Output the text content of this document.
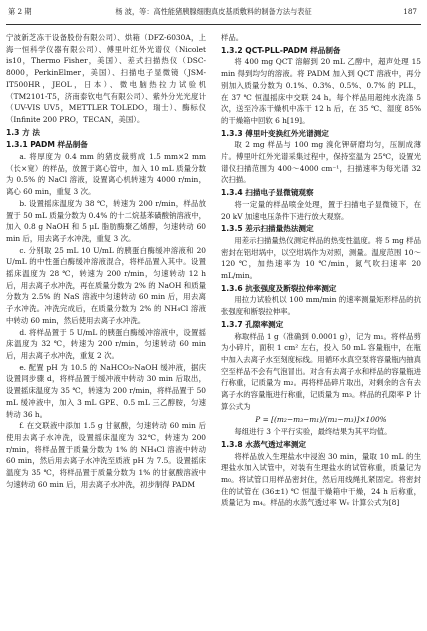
第 2 期	杨 波，等：高性能猪胰腺细胞真皮基质敷料的制备方法与表征	187

宁波新芝冻干设备股份有限公司）、烘箱（DFZ-6030A，上海一恒科学仪器有限公司）、傅里叶红外光谱仪（Nicolet is10，Thermo Fisher，美国）、差式扫描热仪（DSC-8000，PerkinElmer，美国）、扫描电子显微镜（JSM-IT500HR，JEOL，日本）、微电脑热拉力试验机（TM2101-T5，济南泰钦电气有限公司）、紫外分光光度计（UV-VIS UV5，METTLER TOLEDO，瑞士）、酶标仪（Infinite 200 PRO，TECAN，美国）。

1.3 方 法
1.3.1 PADM 样品制备

a. 将厚度为 0.4 mm 的猪皮裁剪成 1.5 mm×2 mm（长×宽）的样品，放置于离心管中，加入 10 mL 质量分数为 0.5% 的 NaCl 溶液，设置离心机转速为 4000 r/min，离心 60 min，重复 3 次。

b. 设置摇床温度为 38 ℃，转速为 200 r/min，样品放置于 50 mL 质量分数为 0.4% 的十二烷基苯磺酸钠溶液中，加入 0.8 g NaOH 和 5 μL 脂肪酶聚乙烯醇，匀速转动 60 min 后，用去离子水冲洗，重复 3 次。

c. 分别取 25 mL 10 U/mL 的胰蛋白酶缓冲溶液和 20 U/mL 的中性蛋白酶缓冲溶液混合，将样品置入其中。设置摇床温度为 28 ℃，转速为 200 r/min，匀速转动 12 h 后，用去离子水冲洗，再在质量分数为 2% 的 NaOH 和质量分数为 2.5% 的 NaS 溶液中匀速转动 60 min 后，用去离子水冲洗。冲洗完成后，在质量分数为 2% 的 NH₄Cl 溶液中转动 60 min，然后使用去离子水冲洗。

d. 将样品置于 5 U/mL 的胰蛋白酶缓冲溶液中，设置摇床温度为 32 ℃，转速为 200 r/min，匀速转动 60 min 后，用去离子水冲洗，重复 2 次。

e. 配置 pH 为 10.5 的 NaHCO₃-NaOH 缓冲液，据庆设置同步骤 d，将样品置于缓冲液中转动 30 min 后取出，设置摇床温度为 35 ℃，转速为 200 r/min，将样品置于 50 mL 缓冲液中，加入 3 mL GPE、0.5 mL 三乙醇胺，匀速转动 36 h。

f. 在交联液中添加 1.5 g 甘氨酸，匀速转动 60 min 后使用去离子水冲洗，设置摇床温度为 32℃，转速为 200 r/min，将样品置于质量分数为 1% 的 NH₄Cl 溶液中转动 60 min，然后用去离子水冲洗至质液 pH 为 7.5。设置摇床温度为 35 ℃，将样品置于质量分数为 1% 的甘氨酸溶液中匀速转动 60 min 后，用去离子水冲洗，初步制得 PADM

样品。

1.3.2 QCT-PLL-PADM 样品制备

将 400 mg QCT 溶解到 20 mL 乙醇中，超声处理 15 min 得到均匀的溶液。将 PADM 加入到 QCT 溶液中，再分别加入质量分数为 0.1%、0.3%、0.5%、0.7% 的 PLL，在 37 ℃ 恒温摇床中交联 24 h。每个样品用超纯水洗涤 5 次，送至冷冻干燥机中冻干 12 h 后，在 35 ℃、湿度 85% 的干燥箱中回软 6 h[19]。

1.3.3 傅里叶变换红外光谱测定

取 2 mg 样品与 100 mg 溴化钾研磨均匀，压制成薄片。傅里叶红外光谱采集过程中，保持室温为 25℃，设置光谱仪扫描范围为 400～4000 cm⁻¹，扫描速率为每光谱 32 次扫描。

1.3.4 扫描电子显微镜观察

将一定量的样品喷金处理，置于扫描电子显微镜下，在 20 kV 加速电压条件下进行放大观察。

1.3.5 差示扫描量热法测定

用差示扫描量热仪测定样品的热变性温度。将 5 mg 样品密封在铝坩埚中，以空坩埚作为对照，测量。温度范围 10～120 ℃，加热速率为 10 ℃/min，氮气吹扫速率 20 mL/min。

1.3.6 抗张强度及断裂拉伸率测定

用拉力试验机以 100 mm/min 的速率测量矩形样品的抗张强度和断裂拉伸率。

1.3.7 孔隙率测定

称取样品 1 g（准确到 0.0001 g），记为 m₁。将样品剪为小碎片，面积 1 cm² 左右，投入 50 mL 容量瓶中，在瓶中加入去离子水至刻度标线。用循环水真空泵将容量瓶内抽真空至样品不会有气泡冒出。对含有去离子水和样品的容量瓶进行称重，记质量为 m₂。再将样品碎片取出，对剩余的含有去离子水的容量瓶进行称重，记质量为 m₃。样品的孔隙率 P 计算公式为

P = [(m₂−m₃−m₁)/(m₂−m₃)]×100%

每组进行 3 个平行实验，最终结果为其平均值。

1.3.8 水蒸气透过率测定

将样品放入生理盐水中浸泡 30 min，量取 10 mL 的生理盐水加入试管中，对装有生理盐水的试管称重，质量记为 m₀。将试管口用样品密封住，然后用线绳扎紧固定。将密封住的试管在 (36±1) ℃ 恒温干燥箱中干燥，24 h 后称重，质量记为 m₄。样品的水蒸气透过率 Wᵥ 计算公式为[8]
